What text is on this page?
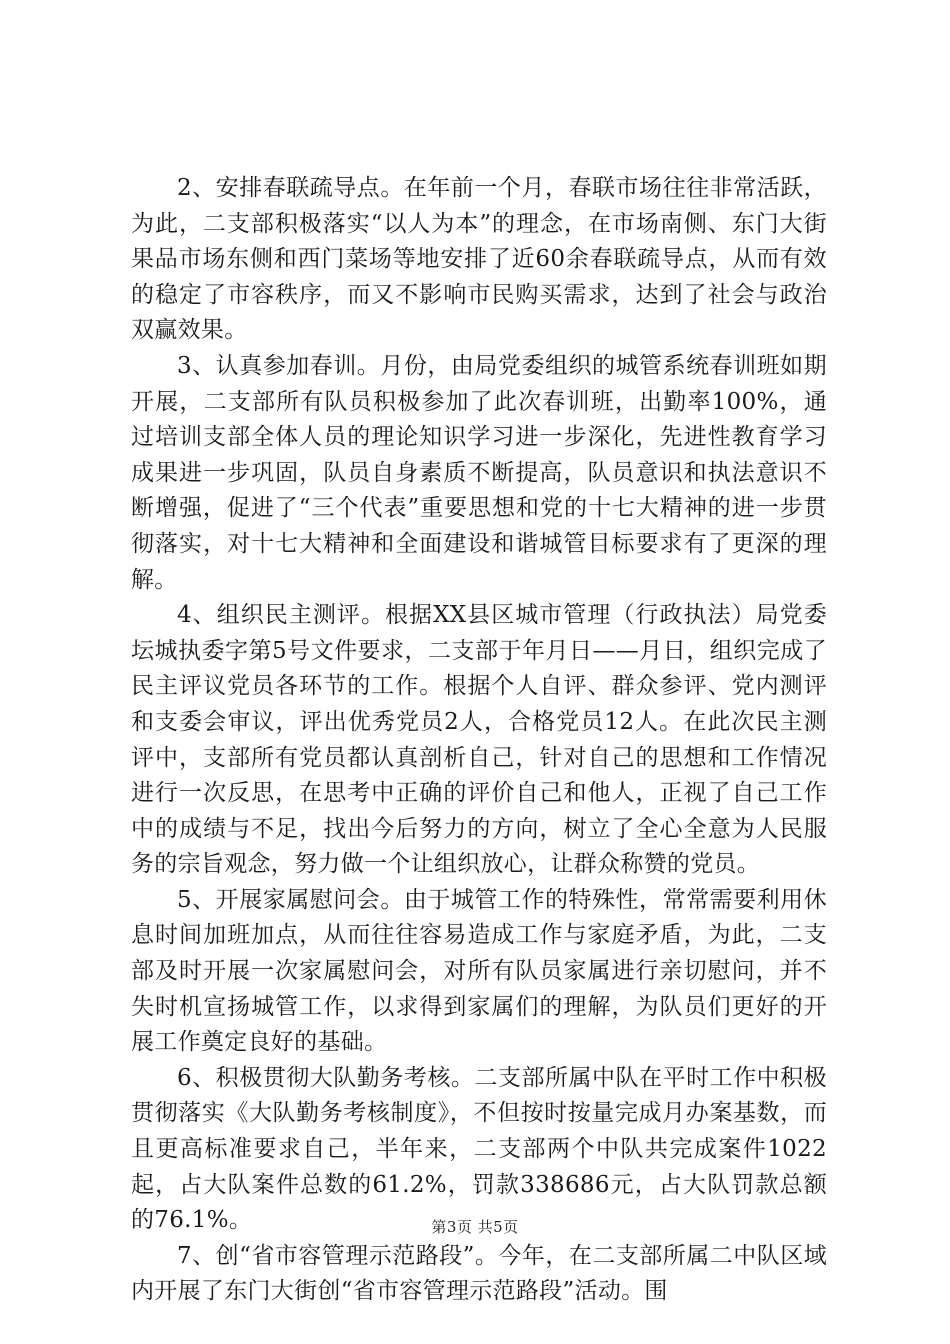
2、安排春联疏导点。在年前一个月，春联市场往往非常活跃，为此，二支部积极落实“以人为本”的理念，在市场南侧、东门大街果品市场东侧和西门菜场等地安排了近60余春联疏导点，从而有效的稳定了市容秩序，而又不影响市民购买需求，达到了社会与政治双赢效果。

3、认真参加春训。月份，由局党委组织的城管系统春训班如期开展，二支部所有队员积极参加了此次春训班，出勤率100%，通过培训支部全体人员的理论知识学习进一步深化，先进性教育学习成果进一步巩固，队员自身素质不断提高，队员意识和执法意识不断增强，促进了“三个代表”重要思想和党的十七大精神的进一步贯彻落实，对十七大精神和全面建设和谐城管目标要求有了更深的理解。

4、组织民主测评。根据XX县区城市管理（行政执法）局党委坛城执委字第5号文件要求，二支部于年月日——月日，组织完成了民主评议党员各环节的工作。根据个人自评、群众参评、党内测评和支委会审议，评出优秀党员2人，合格党员12人。在此次民主测评中，支部所有党员都认真剖析自己，针对自己的思想和工作情况进行一次反思，在思考中正确的评价自己和他人，正视了自己工作中的成绩与不足，找出今后努力的方向，树立了全心全意为人民服务的宗旨观念，努力做一个让组织放心，让群众称赞的党员。

5、开展家属慰问会。由于城管工作的特殊性，常常需要利用休息时间加班加点，从而往往容易造成工作与家庭矛盾，为此，二支部及时开展一次家属慰问会，对所有队员家属进行亲切慰问，并不失时机宣扬城管工作，以求得到家属们的理解，为队员们更好的开展工作奠定良好的基础。

6、积极贯彻大队勤务考核。二支部所属中队在平时工作中积极贯彻落实《大队勤务考核制度》，不但按时按量完成月办案基数，而且更高标准要求自己，半年来，二支部两个中队共完成案件1022起，占大队案件总数的61.2%，罚款338686元，占大队罚款总额的76.1%。

7、创“省市容管理示范路段”。今年，在二支部所属二中队区域内开展了东门大街创“省市容管理示范路段”活动。围

第3页 共5页
